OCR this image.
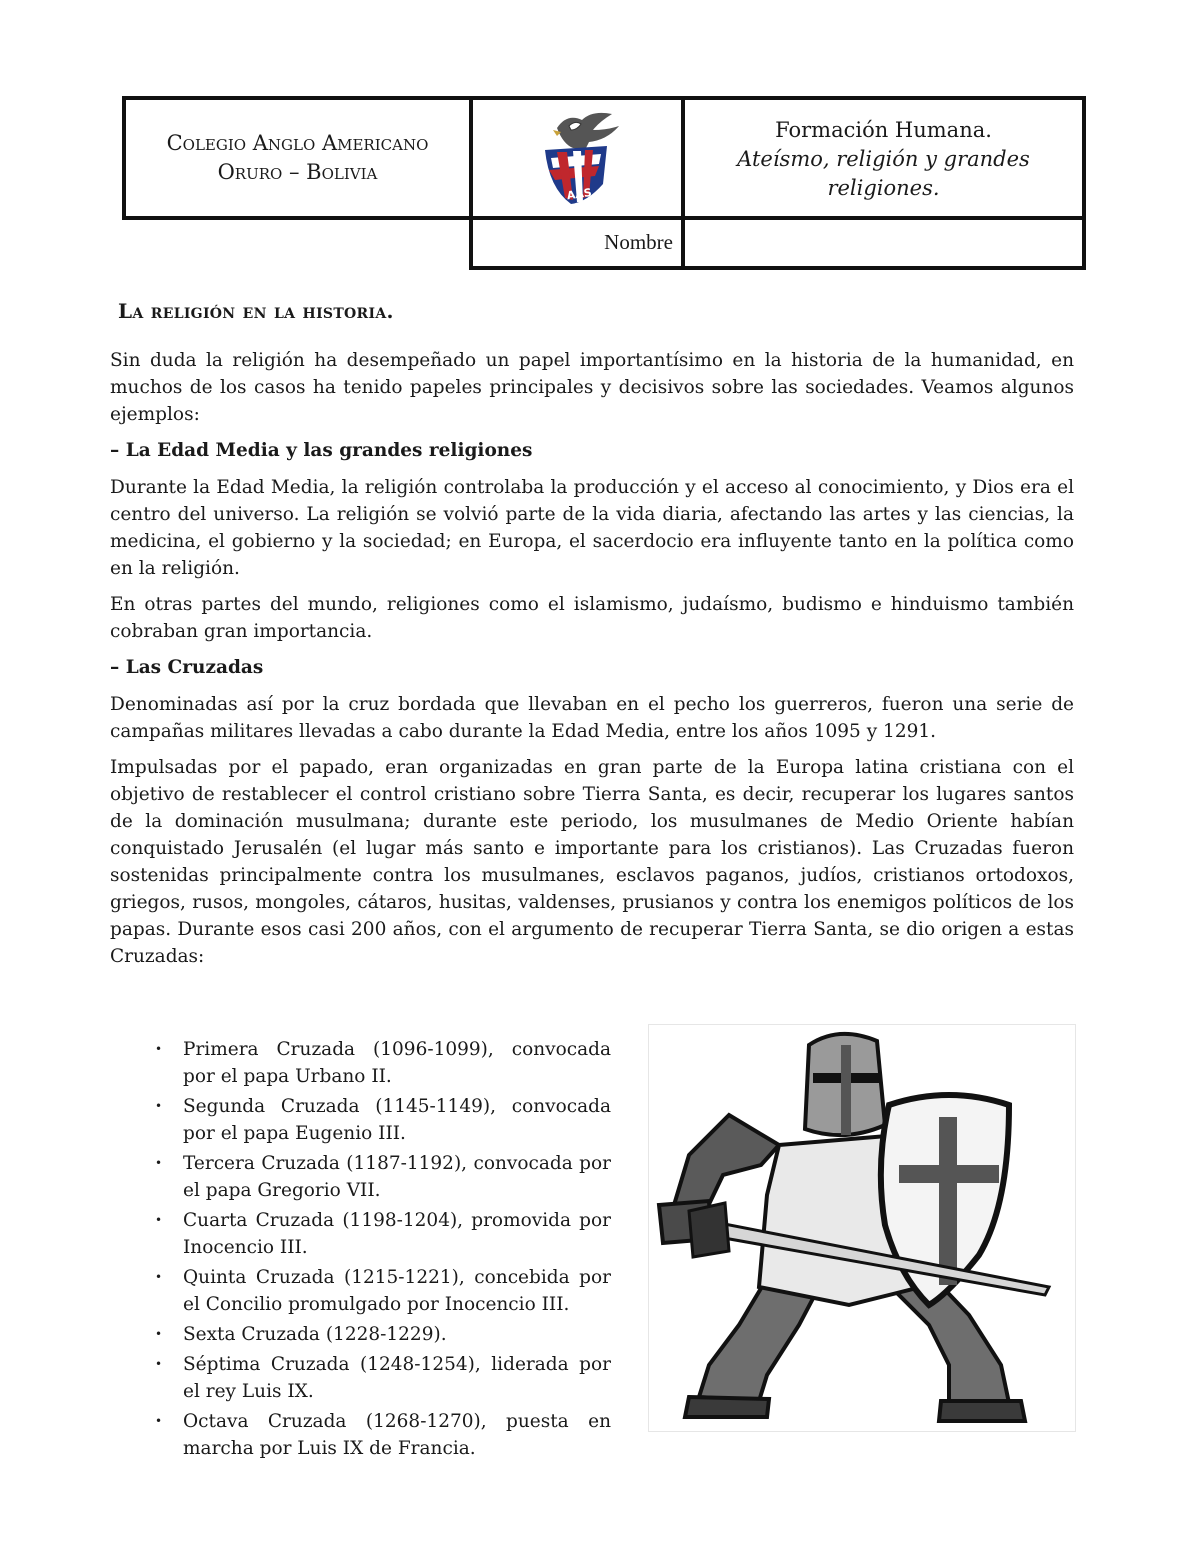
Colegio Anglo Americano
Oruro – Bolivia
AAS
Formación Humana.
Ateísmo, religión y grandes
religiones.
Nombre
La religión en la historia.

Sin duda la religión ha desempeñado un papel importantísimo en la historia de la humanidad, en muchos de los casos ha tenido papeles principales y decisivos sobre las sociedades. Veamos algunos ejemplos:

– La Edad Media y las grandes religiones

Durante la Edad Media, la religión controlaba la producción y el acceso al conocimiento, y Dios era el centro del universo. La religión se volvió parte de la vida diaria, afectando las artes y las ciencias, la medicina, el gobierno y la sociedad; en Europa, el sacerdocio era influyente tanto en la política como en la religión.

En otras partes del mundo, religiones como el islamismo, judaísmo, budismo e hinduismo también cobraban gran importancia.

– Las Cruzadas

Denominadas así por la cruz bordada que llevaban en el pecho los guerreros, fueron una serie de campañas militares llevadas a cabo durante la Edad Media, entre los años 1095 y 1291.

Impulsadas por el papado, eran organizadas en gran parte de la Europa latina cristiana con el objetivo de restablecer el control cristiano sobre Tierra Santa, es decir, recuperar los lugares santos de la dominación musulmana; durante este periodo, los musulmanes de Medio Oriente habían conquistado Jerusalén (el lugar más santo e importante para los cristianos). Las Cruzadas fueron sostenidas principalmente contra los musulmanes, esclavos paganos, judíos, cristianos ortodoxos, griegos, rusos, mongoles, cátaros, husitas, valdenses, prusianos y contra los enemigos políticos de los papas. Durante esos casi 200 años, con el argumento de recuperar Tierra Santa, se dio origen a estas Cruzadas:

• Primera Cruzada (1096-1099), convocada por el papa Urbano II.
• Segunda Cruzada (1145-1149), convocada por el papa Eugenio III.
• Tercera Cruzada (1187-1192), convocada por el papa Gregorio VII.
• Cuarta Cruzada (1198-1204), promovida por Inocencio III.
• Quinta Cruzada (1215-1221), concebida por el Concilio promulgado por Inocencio III.
• Sexta Cruzada (1228-1229).
• Séptima Cruzada (1248-1254), liderada por el rey Luis IX.
• Octava Cruzada (1268-1270), puesta en marcha por Luis IX de Francia.
